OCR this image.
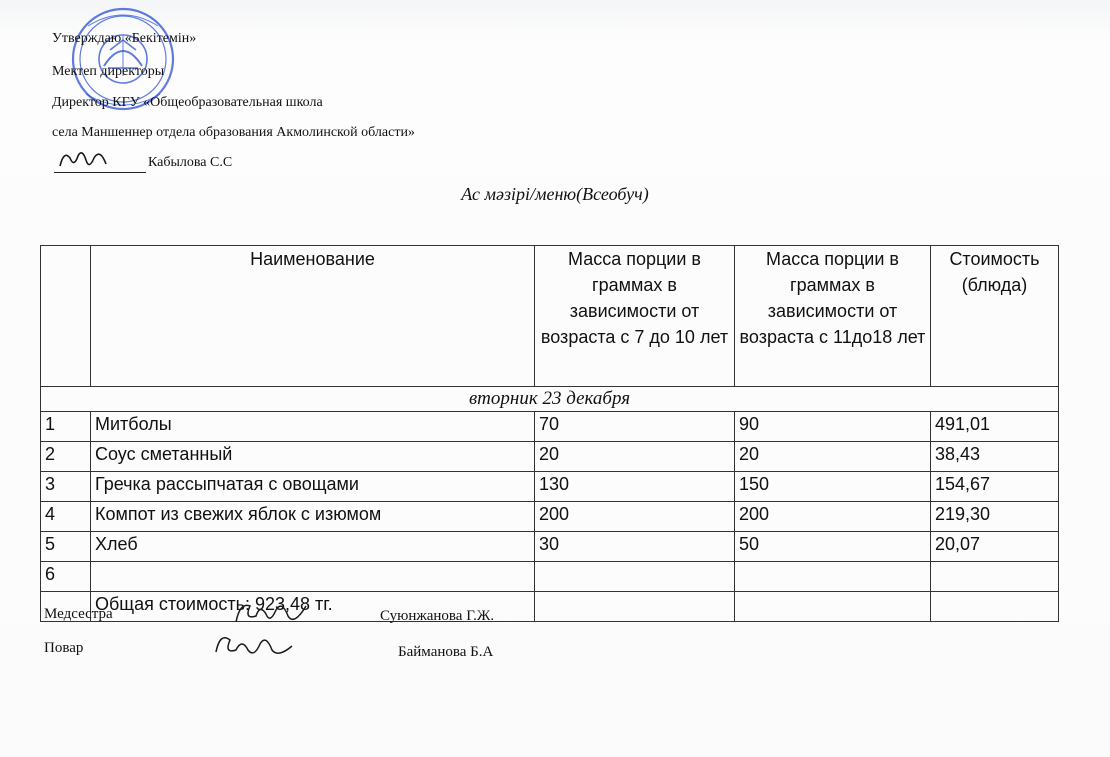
Утверждаю «Бекітемін»
Мектеп директоры
Директор КГУ «Общеобразовательная школа
села Маншеннер отдела образования Акмолинской области»
Кабылова С.С
Ас мәзірі/меню(Всеобуч)
	Наименование	Масса порции в граммах в зависимости от возраста с 7 до 10 лет	Масса порции в граммах в зависимости от возраста с 11до18 лет	Стоимость (блюда)
вторник 23 декабря				
1	Митболы	70	90	491,01
2	Соус сметанный	20	20	38,43
3	Гречка рассыпчатая с овощами	130	150	154,67
4	Компот из свежих яблок с изюмом	200	200	219,30
5	Хлеб	30	50	20,07
6				
	Общая стоимость: 923,48 тг.			
Медсестра	Суюнжанова Г.Ж.
Повар	Байманова Б.А
